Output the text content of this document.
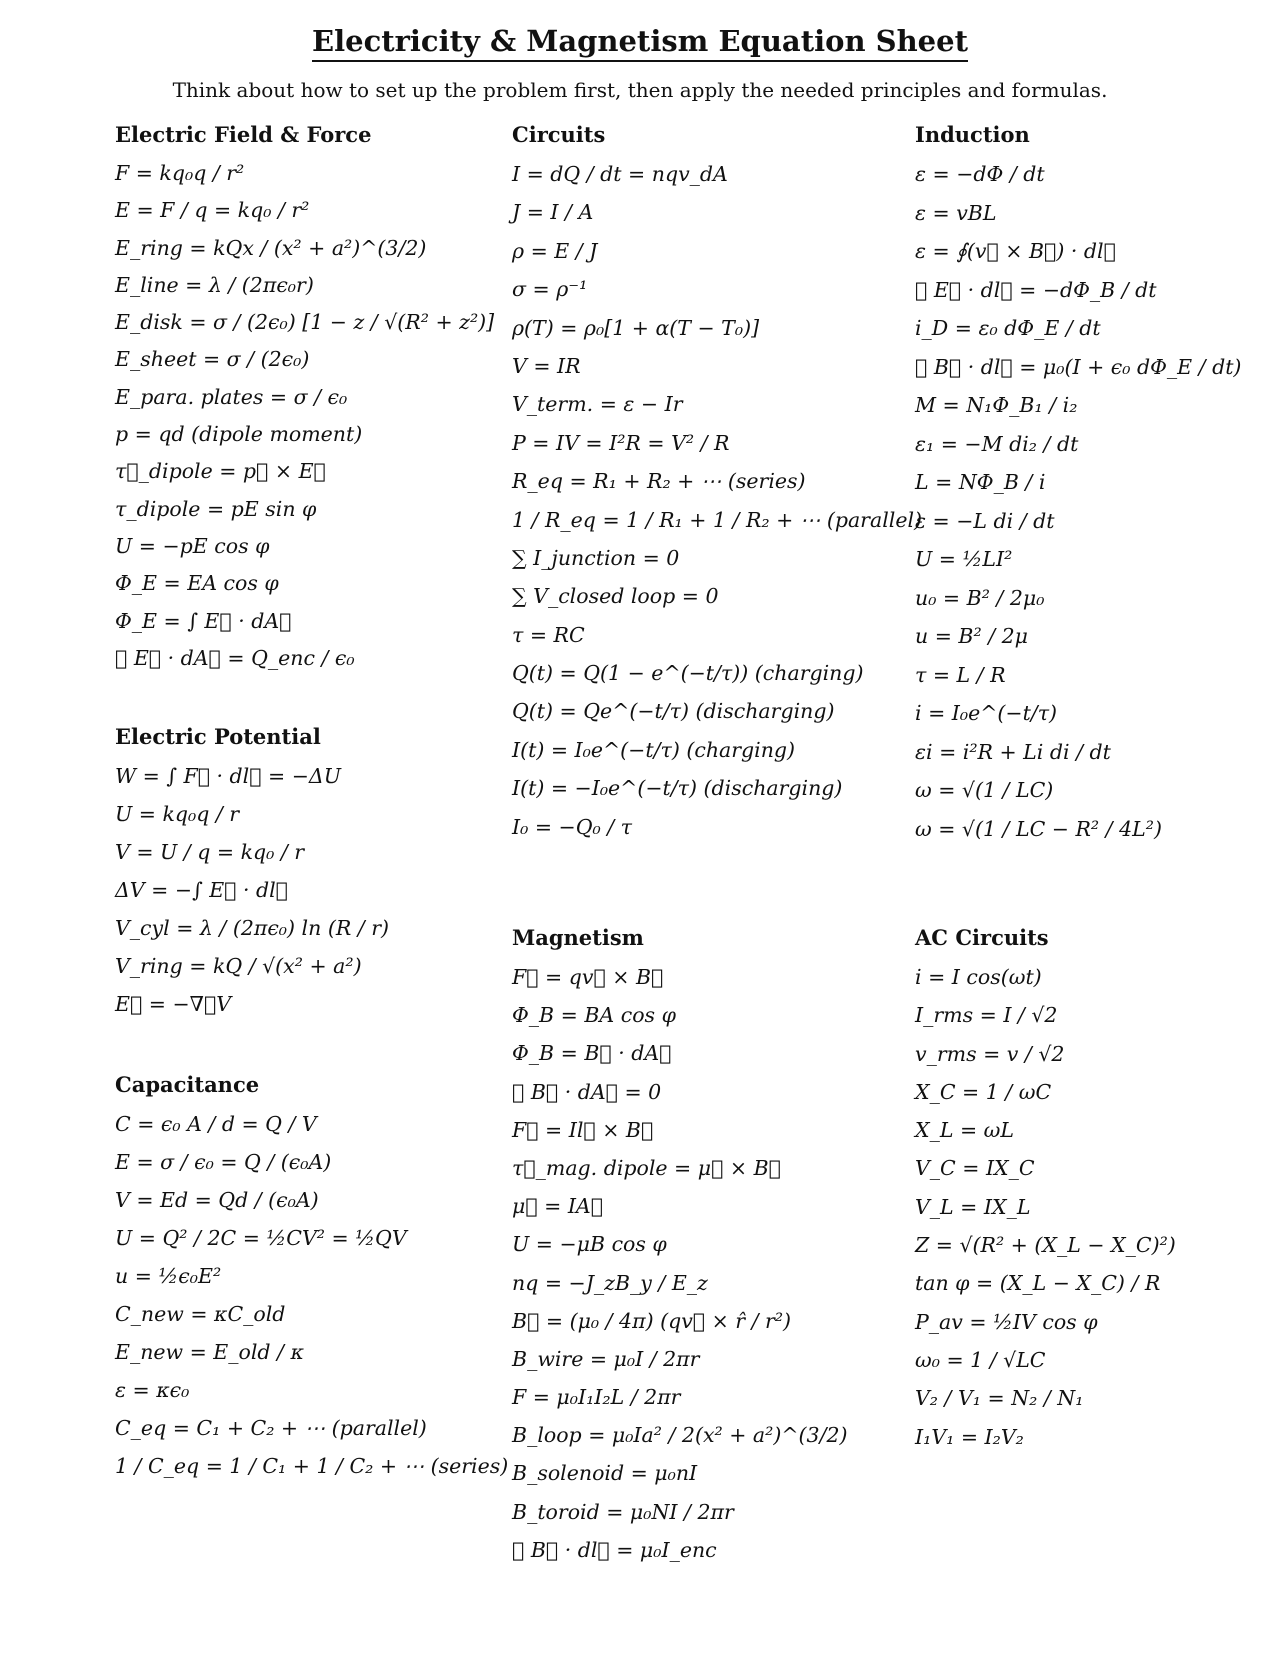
Electricity & Magnetism Equation Sheet
Think about how to set up the problem first, then apply the needed principles and formulas.
Electric Field & Force
F = kq₀q / r²
E = F / q = kq₀ / r²
E_ring = kQx / (x² + a²)^(3/2)
E_line = λ / (2πϵ₀r)
E_disk = σ / (2ϵ₀) [1 − z / √(R² + z²)]
E_sheet = σ / (2ϵ₀)
E_para. plates = σ / ϵ₀
p = qd (dipole moment)
τ⃗_dipole = p⃗ × E⃗
τ_dipole = pE sin φ
U = −pE cos φ
Φ_E = EA cos φ
Φ_E = ∫ E⃗ · dA⃗
∮ E⃗ · dA⃗ = Q_enc / ϵ₀
Electric Potential
W = ∫ F⃗ · dl⃗ = −ΔU
U = kq₀q / r
V = U / q = kq₀ / r
ΔV = −∫ E⃗ · dl⃗
V_cyl = λ / (2πϵ₀) ln (R / r)
V_ring = kQ / √(x² + a²)
E⃗ = −∇⃗V
Capacitance
C = ϵ₀ A / d = Q / V
E = σ / ϵ₀ = Q / (ϵ₀A)
V = Ed = Qd / (ϵ₀A)
U = Q² / 2C = ½CV² = ½QV
u = ½ϵ₀E²
C_new = κC_old
E_new = E_old / κ
ε = κϵ₀
C_eq = C₁ + C₂ + ⋯ (parallel)
1 / C_eq = 1 / C₁ + 1 / C₂ + ⋯ (series)
Circuits
I = dQ / dt = nqv_dA
J = I / A
ρ = E / J
σ = ρ⁻¹
ρ(T) = ρ₀[1 + α(T − T₀)]
V = IR
V_term. = ε − Ir
P = IV = I²R = V² / R
R_eq = R₁ + R₂ + ⋯ (series)
1 / R_eq = 1 / R₁ + 1 / R₂ + ⋯ (parallel)
∑ I_junction = 0
∑ V_closed loop = 0
τ = RC
Q(t) = Q(1 − e^(−t/τ)) (charging)
Q(t) = Qe^(−t/τ) (discharging)
I(t) = I₀e^(−t/τ) (charging)
I(t) = −I₀e^(−t/τ) (discharging)
I₀ = −Q₀ / τ
Magnetism
F⃗ = qv⃗ × B⃗
Φ_B = BA cos φ
Φ_B = B⃗ · dA⃗
∮ B⃗ · dA⃗ = 0
F⃗ = Il⃗ × B⃗
τ⃗_mag. dipole = μ⃗ × B⃗
μ⃗ = IA⃗
U = −μB cos φ
nq = −J_zB_y / E_z
B⃗ = (μ₀ / 4π) (qv⃗ × r̂ / r²)
B_wire = μ₀I / 2πr
F = μ₀I₁I₂L / 2πr
B_loop = μ₀Ia² / 2(x² + a²)^(3/2)
B_solenoid = μ₀nI
B_toroid = μ₀NI / 2πr
∮ B⃗ · dl⃗ = μ₀I_enc
Induction
ε = −dΦ / dt
ε = vBL
ε = ∮(v⃗ × B⃗) · dl⃗
∮ E⃗ · dl⃗ = −dΦ_B / dt
i_D = ε₀ dΦ_E / dt
∮ B⃗ · dl⃗ = μ₀(I + ϵ₀ dΦ_E / dt)
M = N₁Φ_B₁ / i₂
ε₁ = −M di₂ / dt
L = NΦ_B / i
ε = −L di / dt
U = ½LI²
u₀ = B² / 2μ₀
u = B² / 2μ
τ = L / R
i = I₀e^(−t/τ)
εi = i²R + Li di / dt
ω = √(1 / LC)
ω = √(1 / LC − R² / 4L²)
AC Circuits
i = I cos(ωt)
I_rms = I / √2
v_rms = v / √2
X_C = 1 / ωC
X_L = ωL
V_C = IX_C
V_L = IX_L
Z = √(R² + (X_L − X_C)²)
tan φ = (X_L − X_C) / R
P_av = ½IV cos φ
ω₀ = 1 / √LC
V₂ / V₁ = N₂ / N₁
I₁V₁ = I₂V₂
